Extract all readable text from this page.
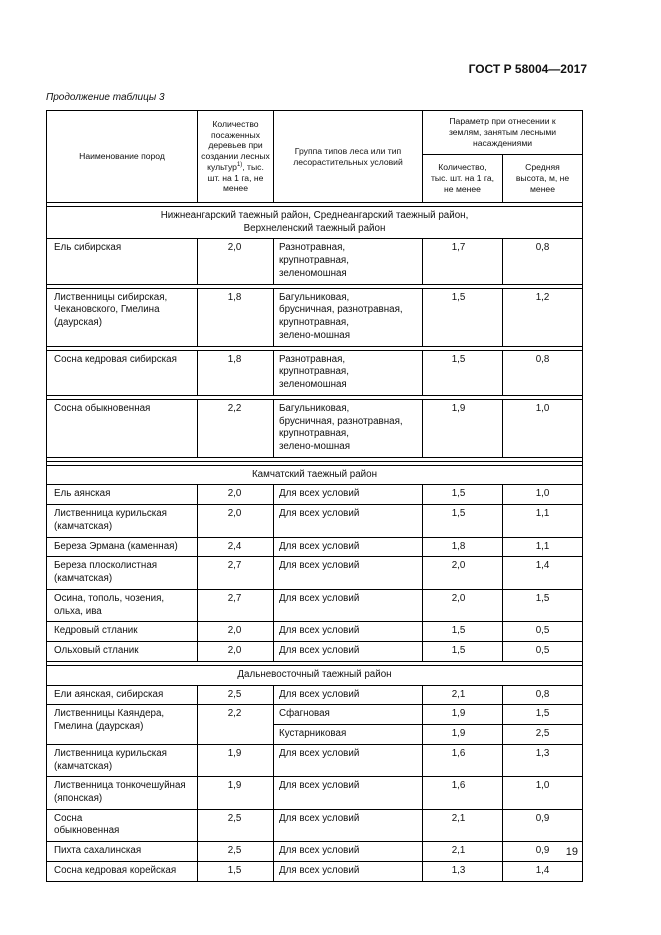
ГОСТ Р 58004—2017
Продолжение таблицы 3
Наименование пород	Количество посаженных деревьев при создании лесных культур$^{1)}$, тыс. шт. на 1 га, не менее	Группа типов леса или тип лесорастительных условий	Параметр при отнесении к землям, занятым лесными насаждениями	
			Количество, тыс. шт. на 1 га, не менее	Средняя высота, м, не менее

Нижнеангарский таежный район, Среднеангарский таежный район,
Верхнеленский таежный район				
Ель сибирская	2,0	Разнотравная,
крупнотравная,
зеленомошная	1,7	0,8

Лиственницы сибирская,
Чекановского, Гмелина
(даурская)	1,8	Багульниковая,
брусничная, разнотравная,
крупнотравная,
зелено-мошная	1,5	1,2

Сосна кедровая сибирская	1,8	Разнотравная,
крупнотравная,
зеленомошная	1,5	0,8

Сосна обыкновенная	2,2	Багульниковая,
брусничная, разнотравная,
крупнотравная,
зелено-мошная	1,9	1,0

Камчатский таежный район				
Ель аянская	2,0	Для всех условий	1,5	1,0
Лиственница курильская
(камчатская)	2,0	Для всех условий	1,5	1,1
Береза Эрмана (каменная)	2,4	Для всех условий	1,8	1,1
Береза плосколистная
(камчатская)	2,7	Для всех условий	2,0	1,4
Осина, тополь, чозения,
ольха, ива	2,7	Для всех условий	2,0	1,5
Кедровый стланик	2,0	Для всех условий	1,5	0,5
Ольховый стланик	2,0	Для всех условий	1,5	0,5

Дальневосточный таежный район				
Ели аянская, сибирская	2,5	Для всех условий	2,1	0,8
Лиственницы Каяндера,
Гмелина (даурская)	2,2	Сфагновая	1,9	1,5
		Кустарниковая	1,9	2,5
Лиственница курильская
(камчатская)	1,9	Для всех условий	1,6	1,3
Лиственница тонкочешуйная
(японская)	1,9	Для всех условий	1,6	1,0
Сосна
обыкновенная	2,5	Для всех условий	2,1	0,9
Пихта сахалинская	2,5	Для всех условий	2,1	0,9
Сосна кедровая корейская	1,5	Для всех условий	1,3	1,4
19
